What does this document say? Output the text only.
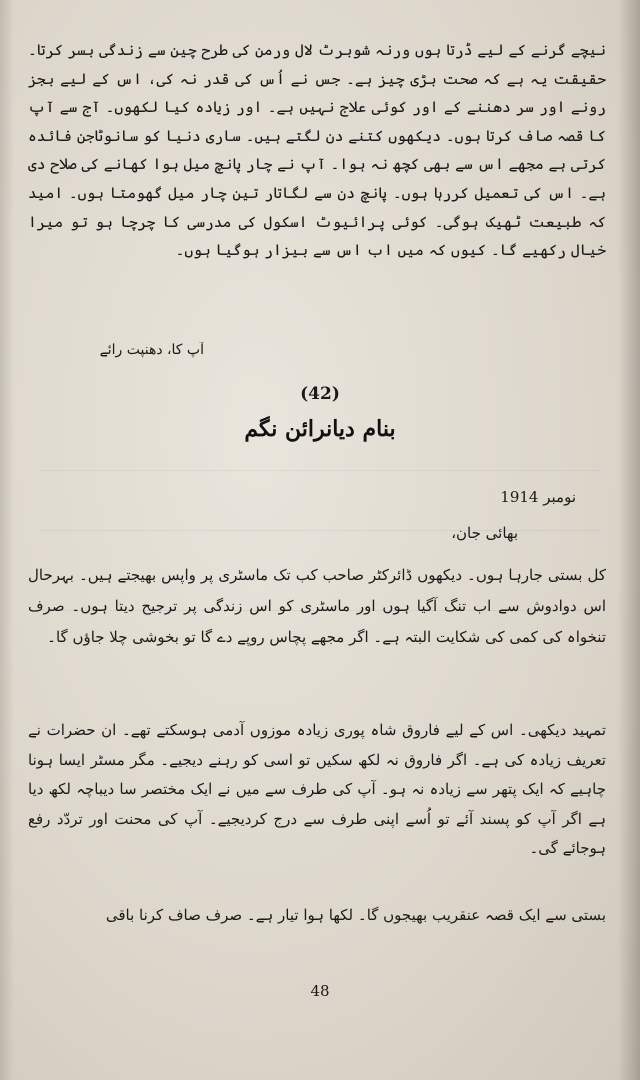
نیچے گرنے کے لیے ڈرتا ہوں ورنہ شوبرٹ لال ورمن کی طرح چین سے زندگی بسر کرتا۔ حقیقت یہ ہے کہ صحت بڑی چیز ہے۔ جس نے اُس کی قدر نہ کی، اس کے لیے بجز رونے اور سر دھننے کے اور کوئی علاج نہیں ہے۔ اور زیادہ کیا لکھوں۔ آج سے آپ کا قصہ صاف کرتا ہوں۔ دیکھوں کتنے دن لگتے ہیں۔ ساری دنیا کو سانوٹاجن فائدہ کرتی ہے مجھے اس سے بھی کچھ نہ ہوا۔ آپ نے چار پانچ میل ہوا کھانے کی صلاح دی ہے۔ اس کی تعمیل کررہا ہوں۔ پانچ دن سے لگاتار تین چار میل گھومتا ہوں۔ امید کہ طبیعت ٹھیک ہوگی۔ کوئی پرائیوٹ اسکول کی مدرسی کا چرچا ہو تو میرا خیال رکھیے گا۔ کیوں کہ میں اب اس سے بیزار ہوگیا ہوں۔
آپ کا، دھنپت رائے
(42)
بنام دیانرائن نگم
نومبر 1914
بھائی جان،
کل بستی جارہا ہوں۔ دیکھوں ڈائرکٹر صاحب کب تک ماسٹری پر واپس بھیجتے ہیں۔ بہرحال اس دوادوش سے اب تنگ آگیا ہوں اور ماسٹری کو اس زندگی پر ترجیح دیتا ہوں۔ صرف تنخواہ کی کمی کی شکایت البتہ ہے۔ اگر مجھے پچاس روپے دے گا تو بخوشی چلا جاؤں گا۔
تمہید دیکھی۔ اس کے لیے فاروق شاہ پوری زیادہ موزوں آدمی ہوسکتے تھے۔ ان حضرات نے تعریف زیادہ کی ہے۔ اگر فاروق نہ لکھ سکیں تو اسی کو رہنے دیجیے۔ مگر مسٹر ایسا ہونا چاہیے کہ ایک پتھر سے زیادہ نہ ہو۔ آپ کی طرف سے میں نے ایک مختصر سا دیباچہ لکھ دیا ہے اگر آپ کو پسند آئے تو اُسے اپنی طرف سے درج کردیجیے۔ آپ کی محنت اور تردّد رفع ہوجائے گی۔
بستی سے ایک قصہ عنقریب بھیجوں گا۔ لکھا ہوا تیار ہے۔ صرف صاف کرنا باقی
48
